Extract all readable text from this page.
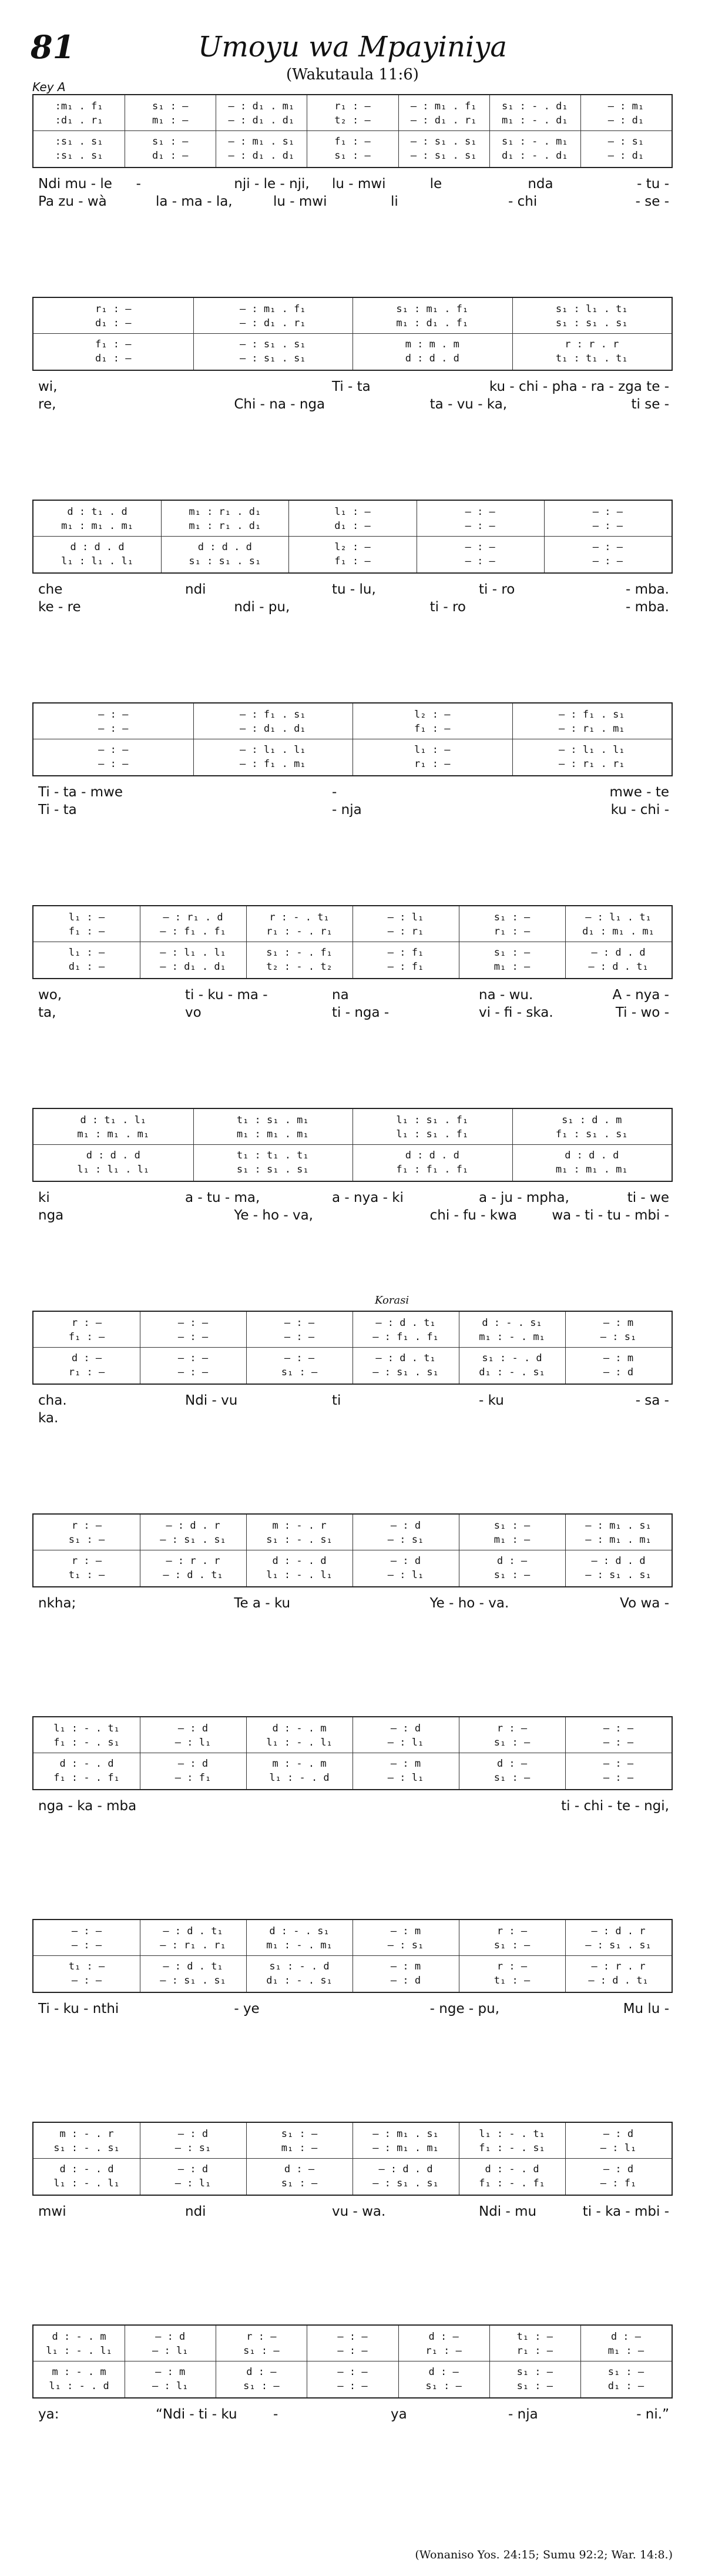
81	Umoyu wa Mpayiniya
(Wakutaula 11:6)
Key A
:m₁ . f₁	s₁ : —	— : d₁ . m₁	r₁ : —	— : m₁ . f₁	s₁ : - . d₁	— : m₁
:d₁ . r₁	m₁ : —	— : d₁ . d₁	t₂ : —	— : d₁ . r₁	m₁ : - . d₁	— : d₁
:s₁ . s₁	s₁ : —	— : m₁ . s₁	f₁ : —	— : s₁ . s₁	s₁ : - . m₁	— : s₁
:s₁ . s₁	d₁ : —	— : d₁ . d₁	s₁ : —	— : s₁ . s₁	d₁ : - . d₁	— : d₁
Ndi mu - le -	nji - le - nji, lu - mwi	le	nda	- tu -
Pa zu - wà	la - ma - la,	lu - mwi	li	- chi	- se -
r₁ : —	— : m₁ . f₁	s₁ : m₁ . f₁	s₁ : l₁ . t₁
d₁ : —	— : d₁ . r₁	m₁ : d₁ . f₁	s₁ : s₁ . s₁
f₁ : —	— : s₁ . s₁	m : m . m	r : r . r
d₁ : —	— : s₁ . s₁	d : d . d	t₁ : t₁ . t₁
wi,	Ti - ta	ku - chi - pha - ra - zga te -
re,	Chi - na - nga	ta - vu - ka,	ti se -
d : t₁ . d	m₁ : r₁ . d₁	l₁ : —	— : —	— : —
m₁ : m₁ . m₁	m₁ : r₁ . d₁	d₁ : —	— : —	— : —
d : d . d	d : d . d	l₂ : —	— : —	— : —
l₁ : l₁ . l₁	s₁ : s₁ . s₁	f₁ : —	— : —	— : —
che	ndi	tu - lu,	ti - ro	- mba.
ke - re	ndi - pu,	ti - ro	- mba.
— : —	— : f₁ . s₁	l₂ : —	— : f₁ . s₁
— : —	— : d₁ . d₁	f₁ : —	— : r₁ . m₁
— : —	— : l₁ . l₁	l₁ : —	— : l₁ . l₁
— : —	— : f₁ . m₁	r₁ : —	— : r₁ . r₁
Ti - ta - mwe	-	mwe - te
Ti - ta	- nja	ku - chi -
l₁ : —	— : r₁ . d	r : - . t₁	— : l₁	s₁ : —	— : l₁ . t₁
f₁ : —	— : f₁ . f₁	r₁ : - . r₁	— : r₁	r₁ : —	d₁ : m₁ . m₁
l₁ : —	— : l₁ . l₁	s₁ : - . f₁	— : f₁	s₁ : —	— : d . d
d₁ : —	— : d₁ . d₁	t₂ : - . t₂	— : f₁	m₁ : —	— : d . t₁
wo,	ti - ku - ma -	na	na - wu.	A - nya -
ta,	vo	ti - nga -	vi - fi - ska.	Ti - wo -
d : t₁ . l₁	t₁ : s₁ . m₁	l₁ : s₁ . f₁	s₁ : d . m
m₁ : m₁ . m₁	m₁ : m₁ . m₁	l₁ : s₁ . f₁	f₁ : s₁ . s₁
d : d . d	t₁ : t₁ . t₁	d : d . d	d : d . d
l₁ : l₁ . l₁	s₁ : s₁ . s₁	f₁ : f₁ . f₁	m₁ : m₁ . m₁
ki	a - tu - ma,	a - nya - ki	a - ju - mpha,	ti - we
nga	Ye - ho - va,	chi - fu - kwa	wa - ti - tu - mbi -
r : —	— : —	— : —	— : d . t₁	d : - . s₁	— : m
f₁ : —	— : —	— : —	— : f₁ . f₁	m₁ : - . m₁	— : s₁
d : —	— : —	— : —	— : d . t₁	s₁ : - . d	— : m
r₁ : —	— : —	s₁ : —	— : s₁ . s₁	d₁ : - . s₁	— : d
Korasi
cha.	Ndi - vu	ti	- ku	- sa -
ka.
r : —	— : d . r	m : - . r	— : d	s₁ : —	— : m₁ . s₁
s₁ : —	— : s₁ . s₁	s₁ : - . s₁	— : s₁	m₁ : —	— : m₁ . m₁
r : —	— : r . r	d : - . d	— : d	d : —	— : d . d
t₁ : —	— : d . t₁	l₁ : - . l₁	— : l₁	s₁ : —	— : s₁ . s₁
nkha;	Te a - ku	Ye - ho - va.	Vo wa -
l₁ : - . t₁	— : d	d : - . m	— : d	r : —	— : —
f₁ : - . s₁	— : l₁	l₁ : - . l₁	— : l₁	s₁ : —	— : —
d : - . d	— : d	m : - . m	— : m	d : —	— : —
f₁ : - . f₁	— : f₁	l₁ : - . d	— : l₁	s₁ : —	— : —
nga - ka - mba	ti - chi - te - ngi,
— : —	— : d . t₁	d : - . s₁	— : m	r : —	— : d . r
— : —	— : r₁ . r₁	m₁ : - . m₁	— : s₁	s₁ : —	— : s₁ . s₁
t₁ : —	— : d . t₁	s₁ : - . d	— : m	r : —	— : r . r
— : —	— : s₁ . s₁	d₁ : - . s₁	— : d	t₁ : —	— : d . t₁
Ti - ku - nthi	- ye	- nge - pu,	Mu lu -
m : - . r	— : d	s₁ : —	— : m₁ . s₁	l₁ : - . t₁	— : d
s₁ : - . s₁	— : s₁	m₁ : —	— : m₁ . m₁	f₁ : - . s₁	— : l₁
d : - . d	— : d	d : —	— : d . d	d : - . d	— : d
l₁ : - . l₁	— : l₁	s₁ : —	— : s₁ . s₁	f₁ : - . f₁	— : f₁
mwi	ndi	vu - wa.	Ndi - mu	ti - ka - mbi -
d : - . m	— : d	r : —	— : —	d : —	t₁ : —	d : —
l₁ : - . l₁	— : l₁	s₁ : —	— : —	r₁ : —	r₁ : —	m₁ : —
m : - . m	— : m	d : —	— : —	d : —	s₁ : —	s₁ : —
l₁ : - . d	— : l₁	s₁ : —	— : —	s₁ : —	s₁ : —	d₁ : —
ya:	“Ndi - ti - ku	-	ya	- nja	- ni.”
(Wonaniso Yos. 24:15; Sumu 92:2; War. 14:8.)
